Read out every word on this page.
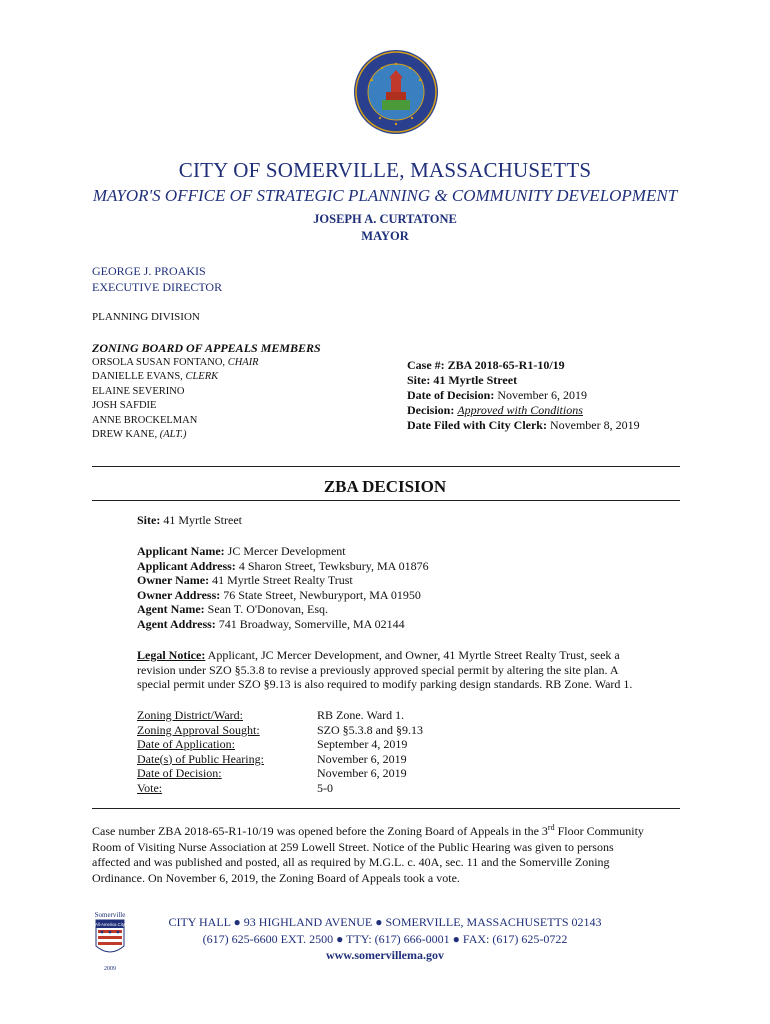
CITY OF SOMERVILLE, MASSACHUSETTS
MAYOR'S OFFICE OF STRATEGIC PLANNING & COMMUNITY DEVELOPMENT
JOSEPH A. CURTATONE
MAYOR
GEORGE J. PROAKIS
EXECUTIVE DIRECTOR
PLANNING DIVISION
ZONING BOARD OF APPEALS MEMBERS
ORSOLA SUSAN FONTANO, CHAIR
DANIELLE EVANS, CLERK
ELAINE SEVERINO
JOSH SAFDIE
ANNE BROCKELMAN
DREW KANE, (ALT.)
Case #: ZBA 2018-65-R1-10/19
Site: 41 Myrtle Street
Date of Decision: November 6, 2019
Decision: Approved with Conditions
Date Filed with City Clerk: November 8, 2019
ZBA DECISION
Site: 41 Myrtle Street
Applicant Name: JC Mercer Development
Applicant Address: 4 Sharon Street, Tewksbury, MA 01876
Owner Name: 41 Myrtle Street Realty Trust
Owner Address: 76 State Street, Newburyport, MA 01950
Agent Name: Sean T. O'Donovan, Esq.
Agent Address: 741 Broadway, Somerville, MA 02144
Legal Notice: Applicant, JC Mercer Development, and Owner, 41 Myrtle Street Realty Trust, seek a
revision under SZO §5.3.8 to revise a previously approved special permit by altering the site plan. A
special permit under SZO §9.13 is also required to modify parking design standards. RB Zone. Ward 1.
Zoning District/Ward:	RB Zone. Ward 1.
Zoning Approval Sought:	SZO §5.3.8 and §9.13
Date of Application:	September 4, 2019
Date(s) of Public Hearing:	November 6, 2019
Date of Decision:	November 6, 2019
Vote:	5-0
Case number ZBA 2018-65-R1-10/19 was opened before the Zoning Board of Appeals in the 3rd Floor Community
Room of Visiting Nurse Association at 259 Lowell Street. Notice of the Public Hearing was given to persons
affected and was published and posted, all as required by M.G.L. c. 40A, sec. 11 and the Somerville Zoning
Ordinance. On November 6, 2019, the Zoning Board of Appeals took a vote.
Somerville
All-America City
2009
CITY HALL ● 93 HIGHLAND AVENUE ● SOMERVILLE, MASSACHUSETTS 02143
(617) 625-6600 EXT. 2500 ● TTY: (617) 666-0001 ● FAX: (617) 625-0722
www.somervillema.gov
